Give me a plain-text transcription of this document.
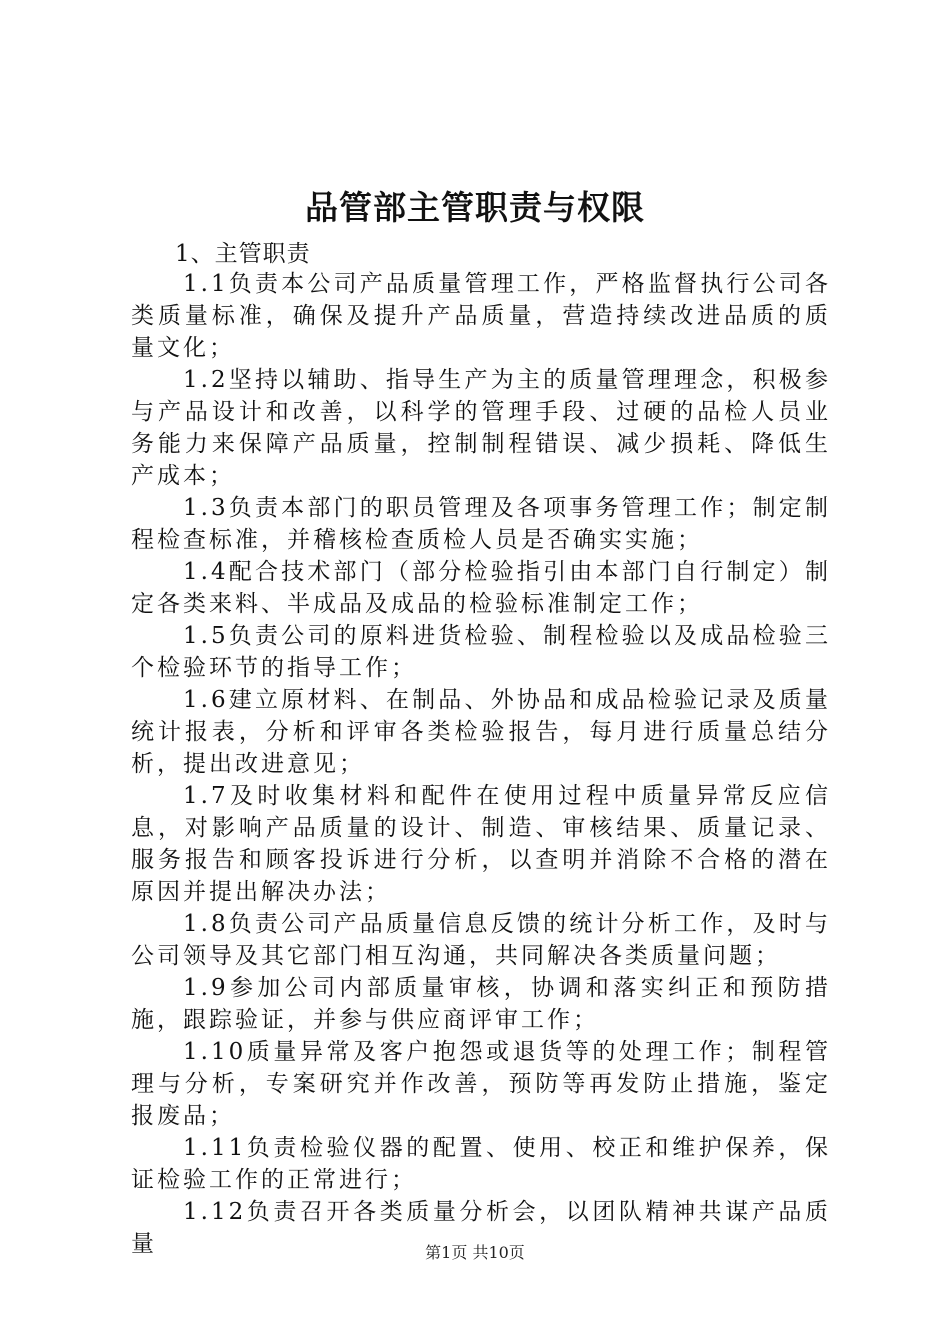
品管部主管职责与权限

1、主管职责

1.1负责本公司产品质量管理工作，严格监督执行公司各类质量标准，确保及提升产品质量，营造持续改进品质的质量文化；

1.2坚持以辅助、指导生产为主的质量管理理念，积极参与产品设计和改善，以科学的管理手段、过硬的品检人员业务能力来保障产品质量，控制制程错误、减少损耗、降低生产成本；

1.3负责本部门的职员管理及各项事务管理工作；制定制程检查标准，并稽核检查质检人员是否确实实施；

1.4配合技术部门（部分检验指引由本部门自行制定）制定各类来料、半成品及成品的检验标准制定工作；

1.5负责公司的原料进货检验、制程检验以及成品检验三个检验环节的指导工作；

1.6建立原材料、在制品、外协品和成品检验记录及质量统计报表，分析和评审各类检验报告，每月进行质量总结分析，提出改进意见；

1.7及时收集材料和配件在使用过程中质量异常反应信息，对影响产品质量的设计、制造、审核结果、质量记录、服务报告和顾客投诉进行分析，以查明并消除不合格的潜在原因并提出解决办法；

1.8负责公司产品质量信息反馈的统计分析工作，及时与公司领导及其它部门相互沟通，共同解决各类质量问题；

1.9参加公司内部质量审核，协调和落实纠正和预防措施，跟踪验证，并参与供应商评审工作；

1.10质量异常及客户抱怨或退货等的处理工作；制程管理与分析，专案研究并作改善，预防等再发防止措施，鉴定报废品；

1.11负责检验仪器的配置、使用、校正和维护保养，保证检验工作的正常进行；

1.12负责召开各类质量分析会，以团队精神共谋产品质量	第1页 共10页
